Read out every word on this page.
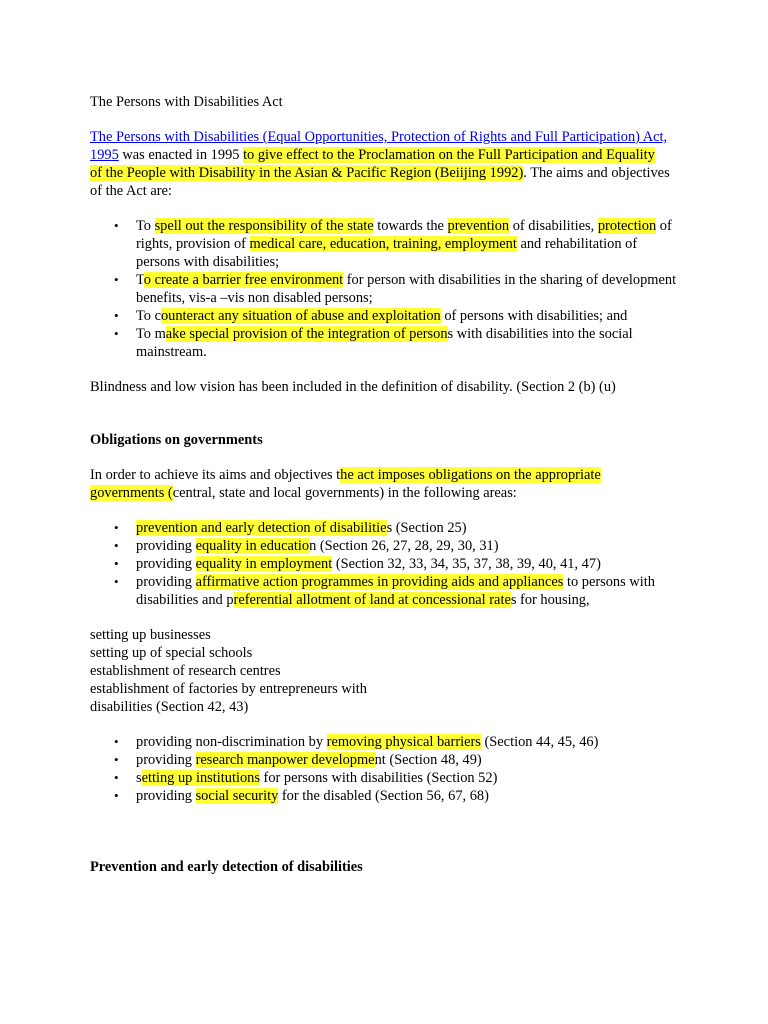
The Persons with Disabilities Act

The Persons with Disabilities (Equal Opportunities, Protection of Rights and Full Participation) Act, 1995 was enacted in 1995 to give effect to the Proclamation on the Full Participation and Equality of the People with Disability in the Asian & Pacific Region (Beiijing 1992). The aims and objectives of the Act are:

• To spell out the responsibility of the state towards the prevention of disabilities, protection of rights, provision of medical care, education, training, employment and rehabilitation of persons with disabilities;
• To create a barrier free environment for person with disabilities in the sharing of development benefits, vis-a –vis non disabled persons;
• To counteract any situation of abuse and exploitation of persons with disabilities; and
• To make special provision of the integration of persons with disabilities into the social mainstream.

Blindness and low vision has been included in the definition of disability. (Section 2 (b) (u)

Obligations on governments

In order to achieve its aims and objectives the act imposes obligations on the appropriate governments (central, state and local governments) in the following areas:

• prevention and early detection of disabilities (Section 25)
• providing equality in education (Section 26, 27, 28, 29, 30, 31)
• providing equality in employment (Section 32, 33, 34, 35, 37, 38, 39, 40, 41, 47)
• providing affirmative action programmes in providing aids and appliances to persons with disabilities and preferential allotment of land at concessional rates for housing,
setting up businesses
setting up of special schools
establishment of research centres
establishment of factories by entrepreneurs with
disabilities (Section 42, 43)
• providing non-discrimination by removing physical barriers (Section 44, 45, 46)
• providing research manpower development (Section 48, 49)
• setting up institutions for persons with disabilities (Section 52)
• providing social security for the disabled (Section 56, 67, 68)

Prevention and early detection of disabilities
